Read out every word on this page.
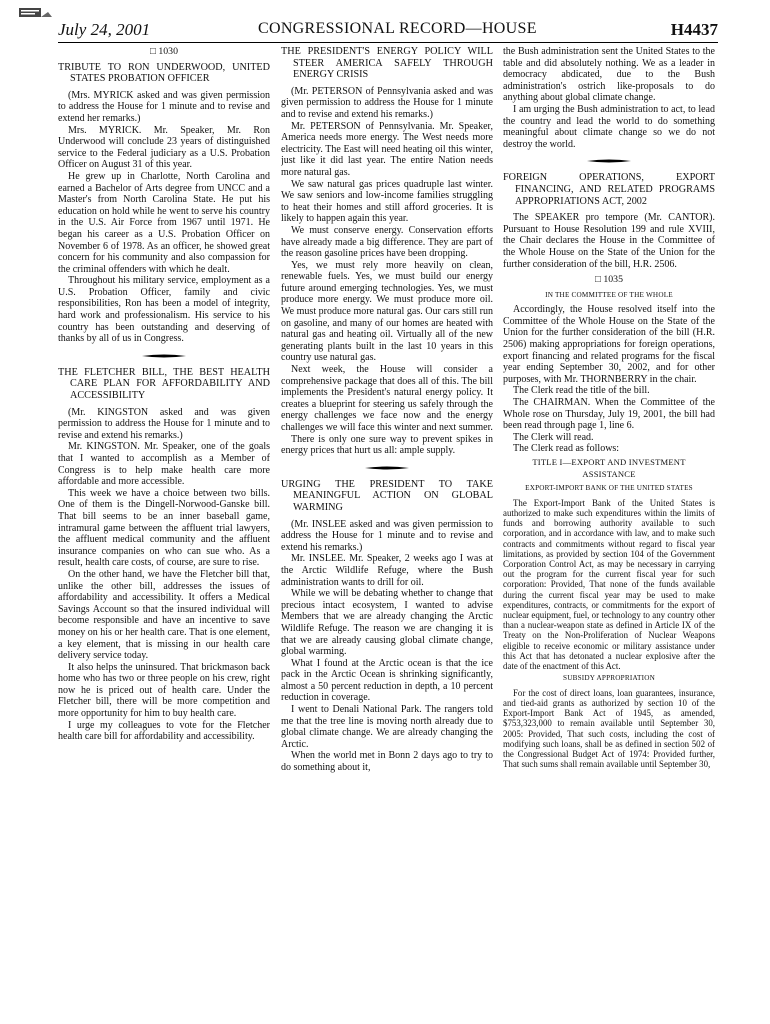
July 24, 2001	CONGRESSIONAL RECORD—HOUSE	H4437
□ 1030
TRIBUTE TO RON UNDERWOOD, UNITED STATES PROBATION OFFICER

(Mrs. MYRICK asked and was given permission to address the House for 1 minute and to revise and extend her remarks.)

Mrs. MYRICK. Mr. Speaker, Mr. Ron Underwood will conclude 23 years of distinguished service to the Federal judiciary as a U.S. Probation Officer on August 31 of this year.

He grew up in Charlotte, North Carolina and earned a Bachelor of Arts degree from UNCC and a Master's from North Carolina State. He put his education on hold while he went to serve his country in the U.S. Air Force from 1967 until 1971. He began his career as a U.S. Probation Officer on November 6 of 1978. As an officer, he showed great concern for his community and also compassion for the criminal offenders with which he dealt.

Throughout his military service, employment as a U.S. Probation Officer, family and civic responsibilities, Ron has been a model of integrity, hard work and professionalism. His service to his country has been outstanding and deserving of thanks by all of us in Congress.

THE FLETCHER BILL, THE BEST HEALTH CARE PLAN FOR AFFORDABILITY AND ACCESSIBILITY

(Mr. KINGSTON asked and was given permission to address the House for 1 minute and to revise and extend his remarks.)

Mr. KINGSTON. Mr. Speaker, one of the goals that I wanted to accomplish as a Member of Congress is to help make health care more affordable and more accessible.

This week we have a choice between two bills. One of them is the Dingell-Norwood-Ganske bill. That bill seems to be an inner baseball game, intramural game between the affluent trial lawyers, the affluent medical community and the affluent insurance companies on who can sue who. As a result, health care costs, of course, are sure to rise.

On the other hand, we have the Fletcher bill that, unlike the other bill, addresses the issues of affordability and accessibility. It offers a Medical Savings Account so that the insured individual will become responsible and have an incentive to save money on his or her health care. That is one element, a key element, that is missing in our health care delivery service today.

It also helps the uninsured. That brickmason back home who has two or three people on his crew, right now he is priced out of health care. Under the Fletcher bill, there will be more competition and more opportunity for him to buy health care.

I urge my colleagues to vote for the Fletcher health care bill for affordability and accessibility.

THE PRESIDENT'S ENERGY POLICY WILL STEER AMERICA SAFELY THROUGH ENERGY CRISIS

(Mr. PETERSON of Pennsylvania asked and was given permission to address the House for 1 minute and to revise and extend his remarks.)

Mr. PETERSON of Pennsylvania. Mr. Speaker, America needs more energy. The West needs more electricity. The East will need heating oil this winter, just like it did last year. The entire Nation needs more natural gas.

We saw natural gas prices quadruple last winter. We saw seniors and low-income families struggling to heat their homes and still afford groceries. It is likely to happen again this year.

We must conserve energy. Conservation efforts have already made a big difference. They are part of the reason gasoline prices have been dropping.

Yes, we must rely more heavily on clean, renewable fuels. Yes, we must build our energy future around emerging technologies. Yes, we must produce more energy. We must produce more oil. We must produce more natural gas. Our cars still run on gasoline, and many of our homes are heated with natural gas and heating oil. Virtually all of the new generating plants built in the last 10 years in this country use natural gas.

Next week, the House will consider a comprehensive package that does all of this. The bill implements the President's natural energy policy. It creates a blueprint for steering us safely through the energy challenges we face now and the energy challenges we will face this winter and next summer.

There is only one sure way to prevent spikes in energy prices that hurt us all: ample supply.

URGING THE PRESIDENT TO TAKE MEANINGFUL ACTION ON GLOBAL WARMING

(Mr. INSLEE asked and was given permission to address the House for 1 minute and to revise and extend his remarks.)

Mr. INSLEE. Mr. Speaker, 2 weeks ago I was at the Arctic Wildlife Refuge, where the Bush administration wants to drill for oil.

While we will be debating whether to change that precious intact ecosystem, I wanted to advise Members that we are already changing the Arctic Wildlife Refuge. The reason we are changing it is that we are already causing global climate change, global warming.

What I found at the Arctic ocean is that the ice pack in the Arctic Ocean is shrinking significantly, almost a 50 percent reduction in depth, a 10 percent reduction in coverage.

I went to Denali National Park. The rangers told me that the tree line is moving north already due to global climate change. We are already changing the Arctic.

When the world met in Bonn 2 days ago to try to do something about it,

the Bush administration sent the United States to the table and did absolutely nothing. We as a leader in democracy abdicated, due to the Bush administration's ostrich like-proposals to do anything about global climate change.

I am urging the Bush administration to act, to lead the country and lead the world to do something meaningful about climate change so we do not destroy the world.

FOREIGN OPERATIONS, EXPORT FINANCING, AND RELATED PROGRAMS APPROPRIATIONS ACT, 2002

The SPEAKER pro tempore (Mr. CANTOR). Pursuant to House Resolution 199 and rule XVIII, the Chair declares the House in the Committee of the Whole House on the State of the Union for the further consideration of the bill, H.R. 2506.

□ 1035
IN THE COMMITTEE OF THE WHOLE

Accordingly, the House resolved itself into the Committee of the Whole House on the State of the Union for the further consideration of the bill (H.R. 2506) making appropriations for foreign operations, export financing and related programs for the fiscal year ending September 30, 2002, and for other purposes, with Mr. THORNBERRY in the chair.

The Clerk read the title of the bill.

The CHAIRMAN. When the Committee of the Whole rose on Thursday, July 19, 2001, the bill had been read through page 1, line 6.

The Clerk will read.

The Clerk read as follows:

TITLE I—EXPORT AND INVESTMENT ASSISTANCE
EXPORT-IMPORT BANK OF THE UNITED STATES

The Export-Import Bank of the United States is authorized to make such expenditures within the limits of funds and borrowing authority available to such corporation, and in accordance with law, and to make such contracts and commitments without regard to fiscal year limitations, as provided by section 104 of the Government Corporation Control Act, as may be necessary in carrying out the program for the current fiscal year for such corporation: Provided, That none of the funds available during the current fiscal year may be used to make expenditures, contracts, or commitments for the export of nuclear equipment, fuel, or technology to any country other than a nuclear-weapon state as defined in Article IX of the Treaty on the Non-Proliferation of Nuclear Weapons eligible to receive economic or military assistance under this Act that has detonated a nuclear explosive after the date of the enactment of this Act.

SUBSIDY APPROPRIATION

For the cost of direct loans, loan guarantees, insurance, and tied-aid grants as authorized by section 10 of the Export-Import Bank Act of 1945, as amended, $753,323,000 to remain available until September 30, 2005: Provided, That such costs, including the cost of modifying such loans, shall be as defined in section 502 of the Congressional Budget Act of 1974: Provided further, That such sums shall remain available until September 30,
